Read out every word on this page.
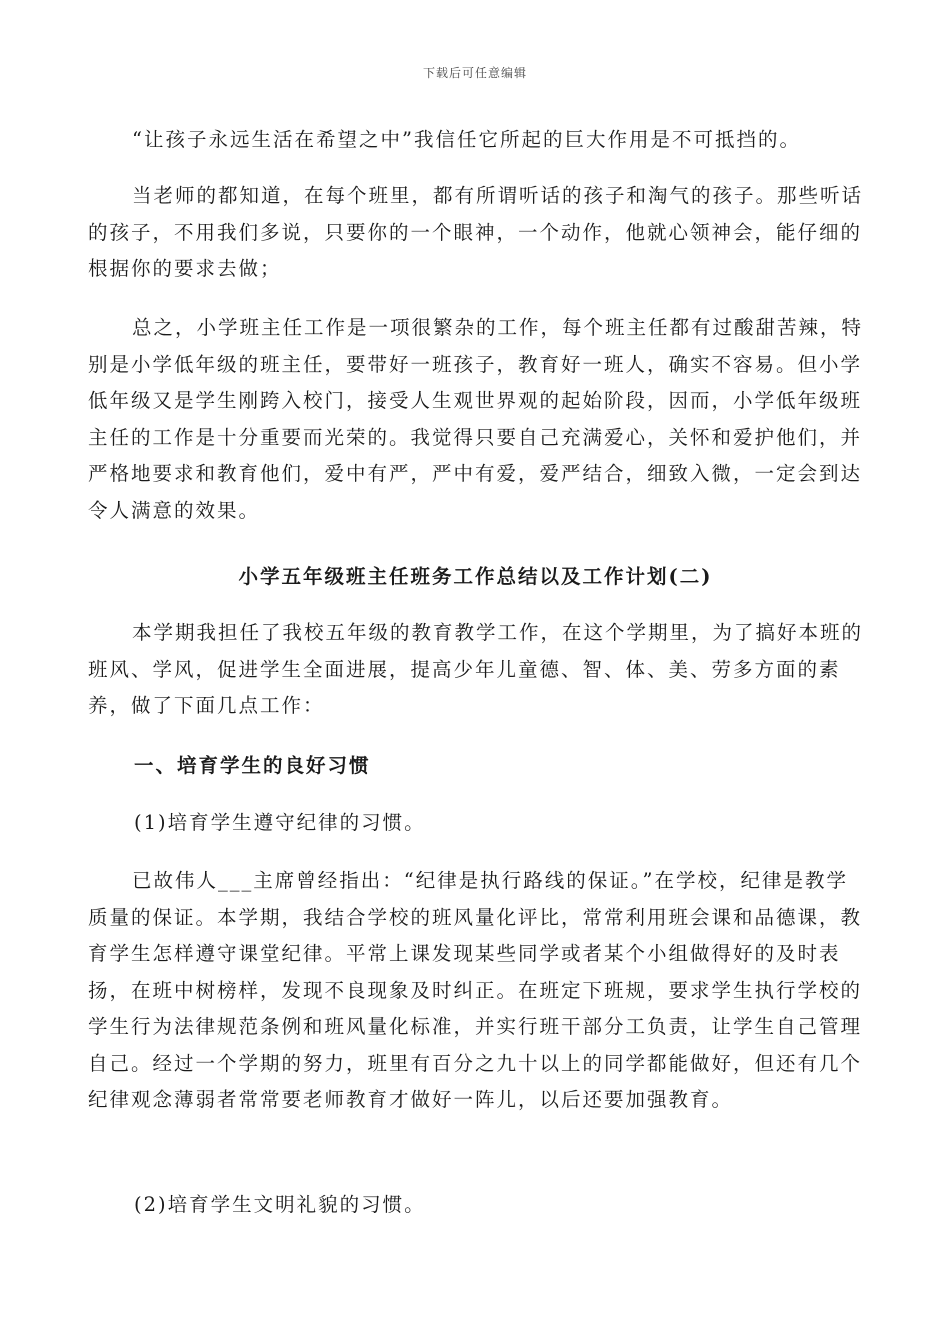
下载后可任意编辑

“让孩子永远生活在希望之中”我信任它所起的巨大作用是不可抵挡的。

当老师的都知道，在每个班里，都有所谓听话的孩子和淘气的孩子。那些听话的孩子，不用我们多说，只要你的一个眼神，一个动作，他就心领神会，能仔细的根据你的要求去做；

总之，小学班主任工作是一项很繁杂的工作，每个班主任都有过酸甜苦辣，特别是小学低年级的班主任，要带好一班孩子，教育好一班人，确实不容易。但小学低年级又是学生刚跨入校门，接受人生观世界观的起始阶段，因而，小学低年级班主任的工作是十分重要而光荣的。我觉得只要自己充满爱心，关怀和爱护他们，并严格地要求和教育他们，爱中有严，严中有爱，爱严结合，细致入微，一定会到达令人满意的效果。

小学五年级班主任班务工作总结以及工作计划(二)

本学期我担任了我校五年级的教育教学工作，在这个学期里，为了搞好本班的班风、学风，促进学生全面进展，提高少年儿童德、智、体、美、劳多方面的素养，做了下面几点工作：

一、培育学生的良好习惯

(1)培育学生遵守纪律的习惯。

已故伟人___主席曾经指出：“纪律是执行路线的保证。”在学校，纪律是教学质量的保证。本学期，我结合学校的班风量化评比，常常利用班会课和品德课，教育学生怎样遵守课堂纪律。平常上课发现某些同学或者某个小组做得好的及时表扬，在班中树榜样，发现不良现象及时纠正。在班定下班规，要求学生执行学校的学生行为法律规范条例和班风量化标准，并实行班干部分工负责，让学生自己管理自己。经过一个学期的努力，班里有百分之九十以上的同学都能做好，但还有几个纪律观念薄弱者常常要老师教育才做好一阵儿，以后还要加强教育。

(2)培育学生文明礼貌的习惯。
